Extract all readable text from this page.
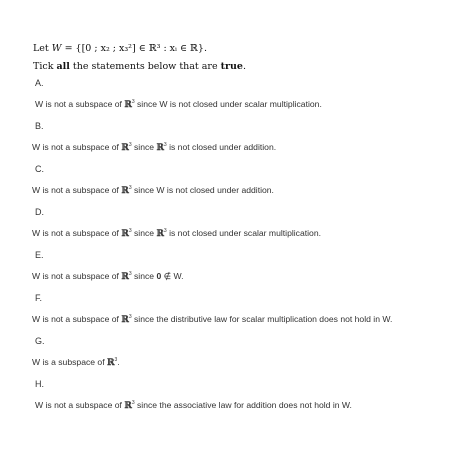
Let W = {[0 ; x₂ ; x₃²] ∈ ℝ³ : xᵢ ∈ ℝ}.
Tick all the statements below that are true.
A.
W is not a subspace of ℝ$^3$ since W is not closed under scalar multiplication.
B.
W is not a subspace of ℝ$^3$ since ℝ$^3$ is not closed under addition.
C.
W is not a subspace of ℝ$^3$ since W is not closed under addition.
D.
W is not a subspace of ℝ$^3$ since ℝ$^3$ is not closed under scalar multiplication.
E.
W is not a subspace of ℝ$^3$ since 0 ∉ W.
F.
W is not a subspace of ℝ$^3$ since the distributive law for scalar multiplication does not hold in W.
G.
W is a subspace of ℝ$^3$.
H.
W is not a subspace of ℝ$^3$ since the associative law for addition does not hold in W.
